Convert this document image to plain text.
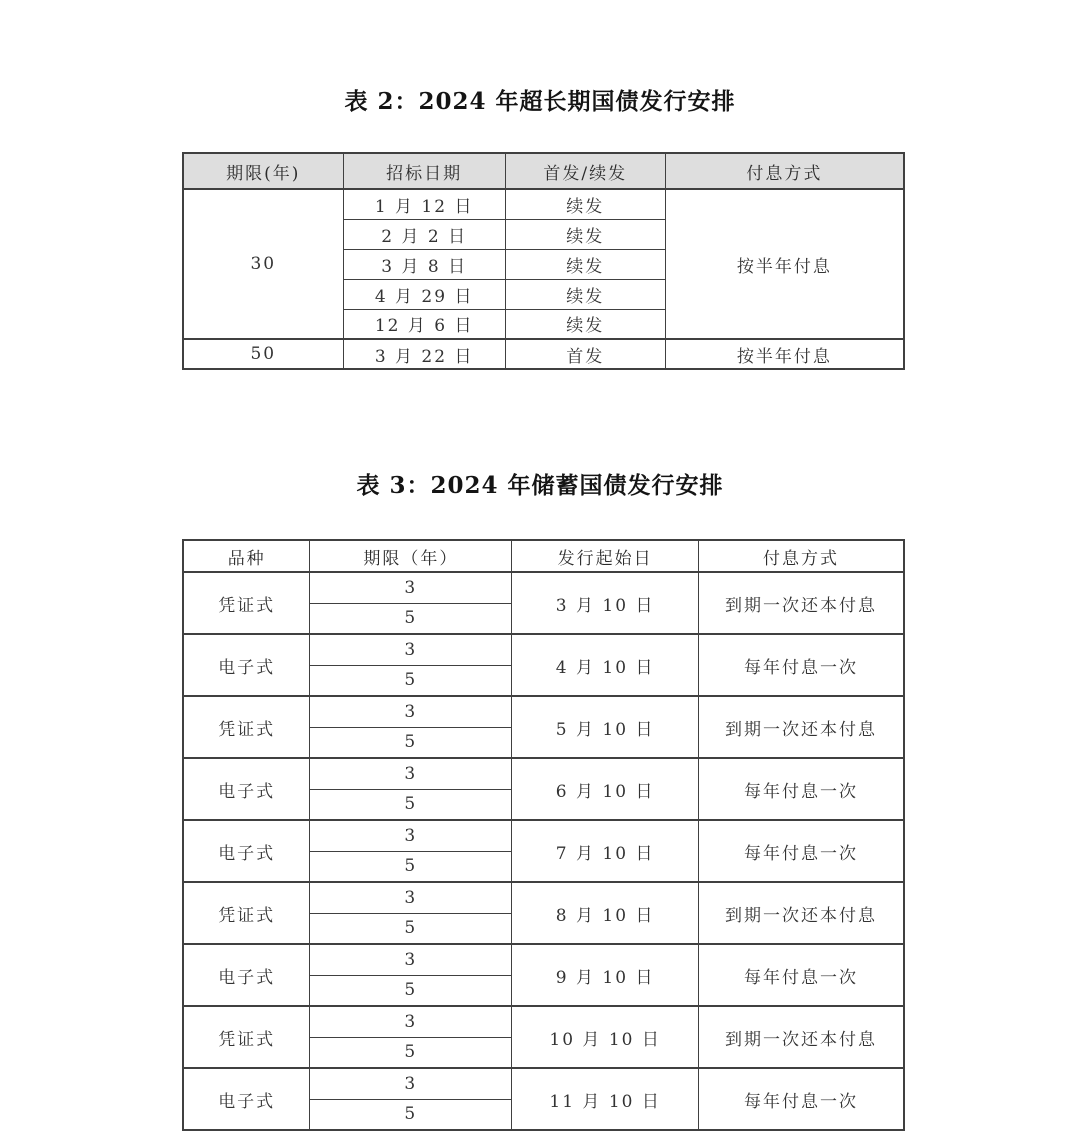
表 2：2024 年超长期国债发行安排
期限(年)	招标日期	首发/续发	付息方式
30	1 月 12 日	续发	按半年付息
	2 月 2 日	续发	
	3 月 8 日	续发	
	4 月 29 日	续发	
	12 月 6 日	续发	
50	3 月 22 日	首发	按半年付息
表 3：2024 年储蓄国债发行安排
品种	期限（年）	发行起始日	付息方式
凭证式	3	3 月 10 日	到期一次还本付息
	5		
电子式	3	4 月 10 日	每年付息一次
	5		
凭证式	3	5 月 10 日	到期一次还本付息
	5		
电子式	3	6 月 10 日	每年付息一次
	5		
电子式	3	7 月 10 日	每年付息一次
	5		
凭证式	3	8 月 10 日	到期一次还本付息
	5		
电子式	3	9 月 10 日	每年付息一次
	5		
凭证式	3	10 月 10 日	到期一次还本付息
	5		
电子式	3	11 月 10 日	每年付息一次
	5		
